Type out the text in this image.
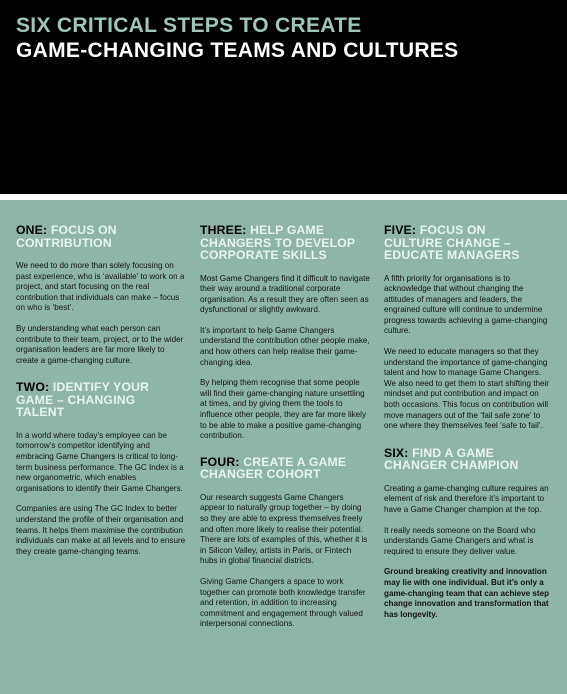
SIX CRITICAL STEPS TO CREATE
GAME-CHANGING TEAMS AND CULTURES
ONE: FOCUS ON
CONTRIBUTION

We need to do more than solely focusing on past experience, who is ‘available’ to work on a project, and start focusing on the real contribution that individuals can make – focus on who is ‘best’.

By understanding what each person can contribute to their team, project, or to the wider organisation leaders are far more likely to create a game-changing culture.

TWO: IDENTIFY YOUR
GAME – CHANGING
TALENT

In a world where today’s employee can be tomorrow’s competitor identifying and embracing Game Changers is critical to long-term business performance. The GC Index is a new organometric, which enables organisations to identify their Game Changers.

Companies are using The GC Index to better understand the profile of their organisation and teams. It helps them maximise the contribution individuals can make at all levels and to ensure they create game-changing teams.

THREE: HELP GAME
CHANGERS TO DEVELOP
CORPORATE SKILLS

Most Game Changers find it difficult to navigate their way around a traditional corporate organisation. As a result they are often seen as dysfunctional or slightly awkward.

It’s important to help Game Changers understand the contribution other people make, and how others can help realise their game-changing idea.

By helping them recognise that some people will find their game-changing nature unsettling at times, and by giving them the tools to influence other people, they are far more likely to be able to make a positive game-changing contribution.

FOUR: CREATE A GAME
CHANGER COHORT

Our research suggests Game Changers appear to naturally group together – by doing so they are able to express themselves freely and often more likely to realise their potential. There are lots of examples of this, whether it is in Silicon Valley, artists in Paris, or Fintech hubs in global financial districts.

Giving Game Changers a space to work together can promote both knowledge transfer and retention, in addition to increasing commitment and engagement through valued interpersonal connections.

FIVE: FOCUS ON
CULTURE CHANGE –
EDUCATE MANAGERS

A fifth priority for organisations is to acknowledge that without changing the attitudes of managers and leaders, the engrained culture will continue to undermine progress towards achieving a game-changing culture.

We need to educate managers so that they understand the importance of game-changing talent and how to manage Game Changers. We also need to get them to start shifting their mindset and put contribution and impact on both occasions. This focus on contribution will move managers out of the ‘fail safe zone’ to one where they themselves feel ‘safe to fail’.

SIX: FIND A GAME
CHANGER CHAMPION

Creating a game-changing culture requires an element of risk and therefore it’s important to have a Game Changer champion at the top.

It really needs someone on the Board who understands Game Changers and what is required to ensure they deliver value.

Ground breaking creativity and innovation may lie with one individual. But it’s only a game-changing team that can achieve step change innovation and transformation that has longevity.
